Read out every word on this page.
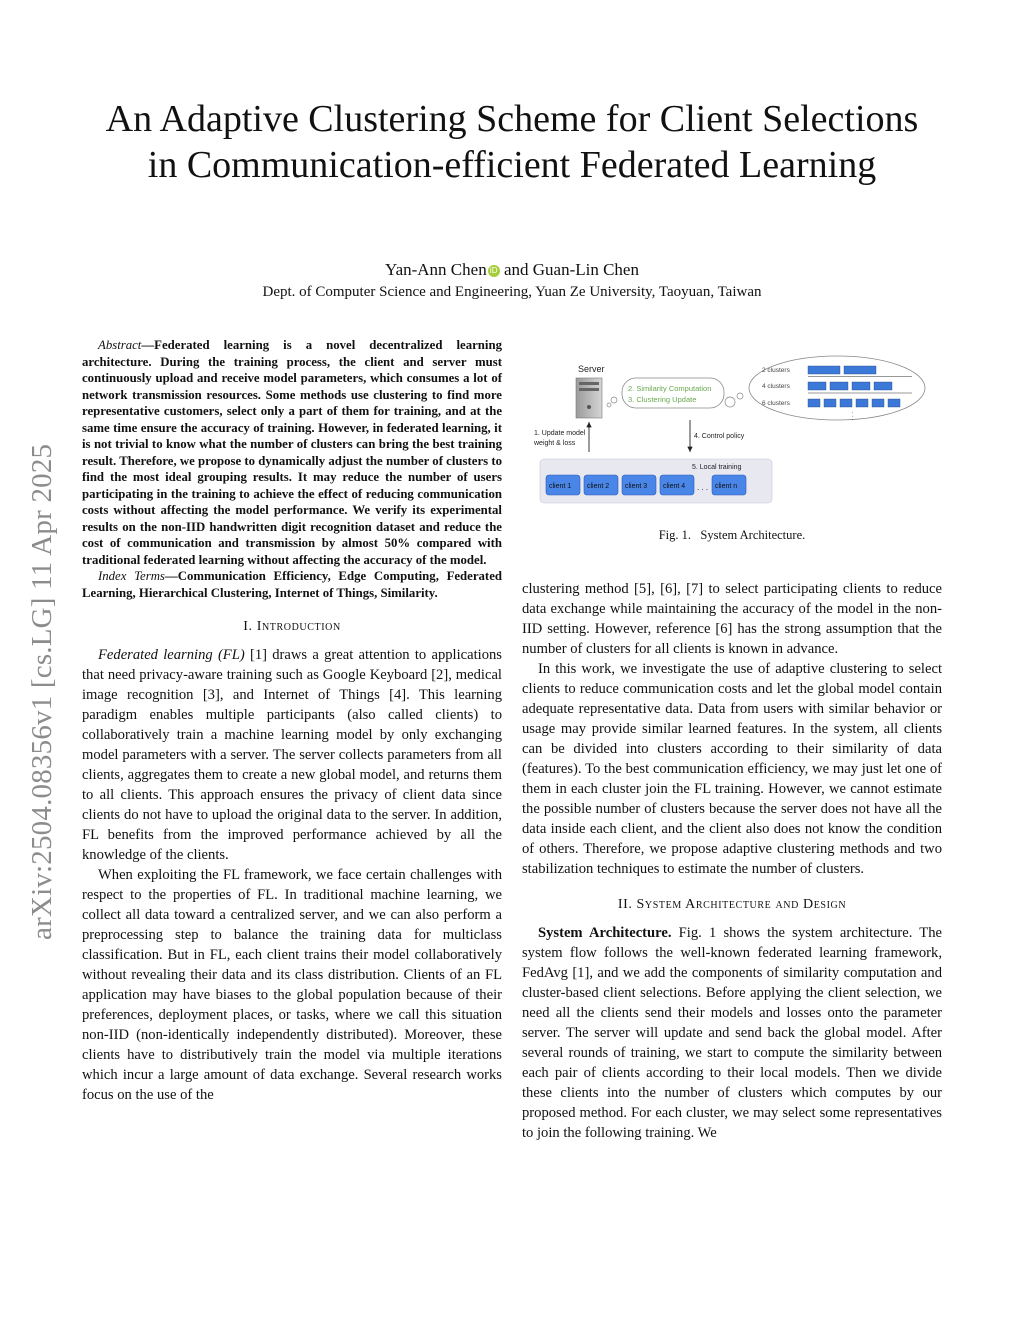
arXiv:2504.08356v1 [cs.LG] 11 Apr 2025
An Adaptive Clustering Scheme for Client Selections in Communication-efficient Federated Learning
Yan-Ann Chen iD and Guan-Lin Chen
Dept. of Computer Science and Engineering, Yuan Ze University, Taoyuan, Taiwan

Abstract—Federated learning is a novel decentralized learning architecture. During the training process, the client and server must continuously upload and receive model parameters, which consumes a lot of network transmission resources. Some methods use clustering to find more representative customers, select only a part of them for training, and at the same time ensure the accuracy of training. However, in federated learning, it is not trivial to know what the number of clusters can bring the best training result. Therefore, we propose to dynamically adjust the number of clusters to find the most ideal grouping results. It may reduce the number of users participating in the training to achieve the effect of reducing communication costs without affecting the model performance. We verify its experimental results on the non-IID handwritten digit recognition dataset and reduce the cost of communication and transmission by almost 50% compared with traditional federated learning without affecting the accuracy of the model.

Index Terms—Communication Efficiency, Edge Computing, Federated Learning, Hierarchical Clustering, Internet of Things, Similarity.

I. Introduction

Federated learning (FL) [1] draws a great attention to applications that need privacy-aware training such as Google Keyboard [2], medical image recognition [3], and Internet of Things [4]. This learning paradigm enables multiple participants (also called clients) to collaboratively train a machine learning model by only exchanging model parameters with a server. The server collects parameters from all clients, aggregates them to create a new global model, and returns them to all clients. This approach ensures the privacy of client data since clients do not have to upload the original data to the server. In addition, FL benefits from the improved performance achieved by all the knowledge of the clients.

When exploiting the FL framework, we face certain challenges with respect to the properties of FL. In traditional machine learning, we collect all data toward a centralized server, and we can also perform a preprocessing step to balance the training data for multiclass classification. But in FL, each client trains their model collaboratively without revealing their data and its class distribution. Clients of an FL application may have biases to the global population because of their preferences, deployment places, or tasks, where we call this situation non-IID (non-identically independently distributed). Moreover, these clients have to distributively train the model via multiple iterations which incur a large amount of data exchange. Several research works focus on the use of the

Server
2. Similarity Computation
3. Clustering Update
2 clusters
4 clusters
6 clusters
. . .
1. Update model
weight & loss
4. Control policy
5. Local training
client 1 client 2 client 3 client 4 . . . client n
Fig. 1.   System Architecture.

clustering method [5], [6], [7] to select participating clients to reduce data exchange while maintaining the accuracy of the model in the non-IID setting. However, reference [6] has the strong assumption that the number of clusters for all clients is known in advance.

In this work, we investigate the use of adaptive clustering to select clients to reduce communication costs and let the global model contain adequate representative data. Data from users with similar behavior or usage may provide similar learned features. In the system, all clients can be divided into clusters according to their similarity of data (features). To the best communication efficiency, we may just let one of them in each cluster join the FL training. However, we cannot estimate the possible number of clusters because the server does not have all the data inside each client, and the client also does not know the condition of others. Therefore, we propose adaptive clustering methods and two stabilization techniques to estimate the number of clusters.

II. System Architecture and Design

System Architecture. Fig. 1 shows the system architecture. The system flow follows the well-known federated learning framework, FedAvg [1], and we add the components of similarity computation and cluster-based client selections. Before applying the client selection, we need all the clients send their models and losses onto the parameter server. The server will update and send back the global model. After several rounds of training, we start to compute the similarity between each pair of clients according to their local models. Then we divide these clients into the number of clusters which computes by our proposed method. For each cluster, we may select some representatives to join the following training. We
